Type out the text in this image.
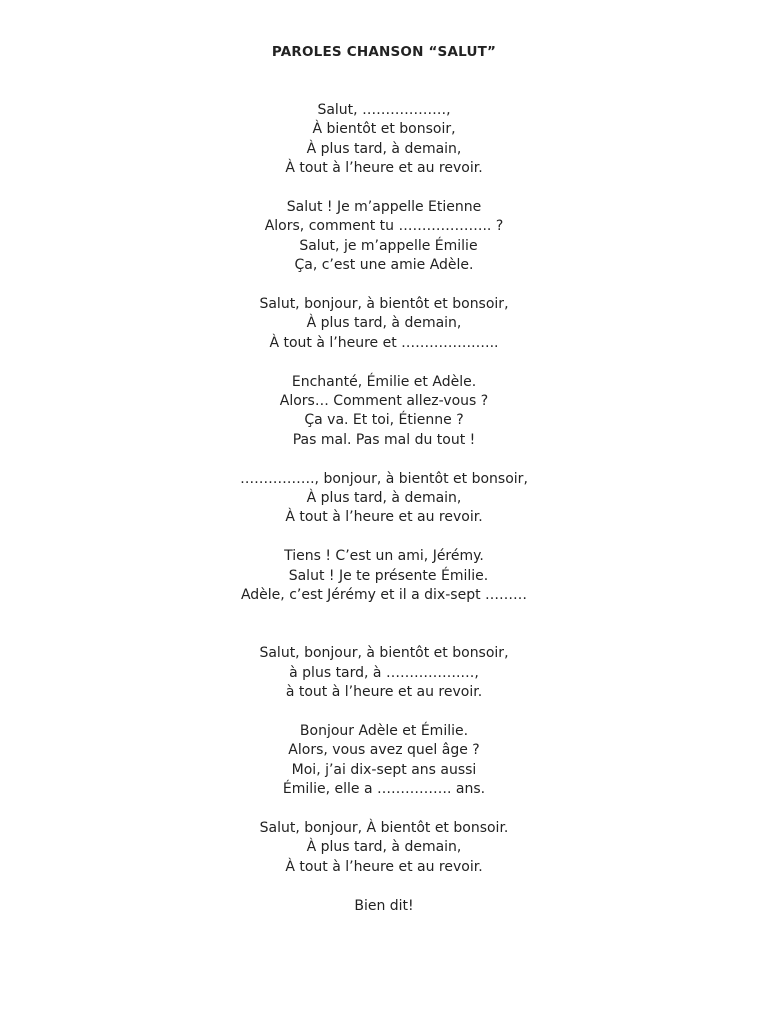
PAROLES CHANSON “SALUT”
Salut, ………………,
À bientôt et bonsoir,
À plus tard, à demain,
À tout à l’heure et au revoir.
Salut ! Je m’appelle Etienne
Alors, comment tu ……………….. ?
Salut, je m’appelle Émilie
Ça, c’est une amie Adèle.
Salut, bonjour, à bientôt et bonsoir,
À plus tard, à demain,
À tout à l’heure et …………….…..
Enchanté, Émilie et Adèle.
Alors… Comment allez-vous ?
Ça va. Et toi, Étienne ?
Pas mal. Pas mal du tout !
……………., bonjour, à bientôt et bonsoir,
À plus tard, à demain,
À tout à l’heure et au revoir.
Tiens ! C’est un ami, Jérémy.
Salut ! Je te présente Émilie.
Adèle, c’est Jérémy et il a dix-sept ………
Salut, bonjour, à bientôt et bonsoir,
à plus tard, à …………….…,
à tout à l’heure et au revoir.
Bonjour Adèle et Émilie.
Alors, vous avez quel âge ?
Moi, j’ai dix-sept ans aussi
Émilie, elle a ……………. ans.
Salut, bonjour, À bientôt et bonsoir.
À plus tard, à demain,
À tout à l’heure et au revoir.
Bien dit!
